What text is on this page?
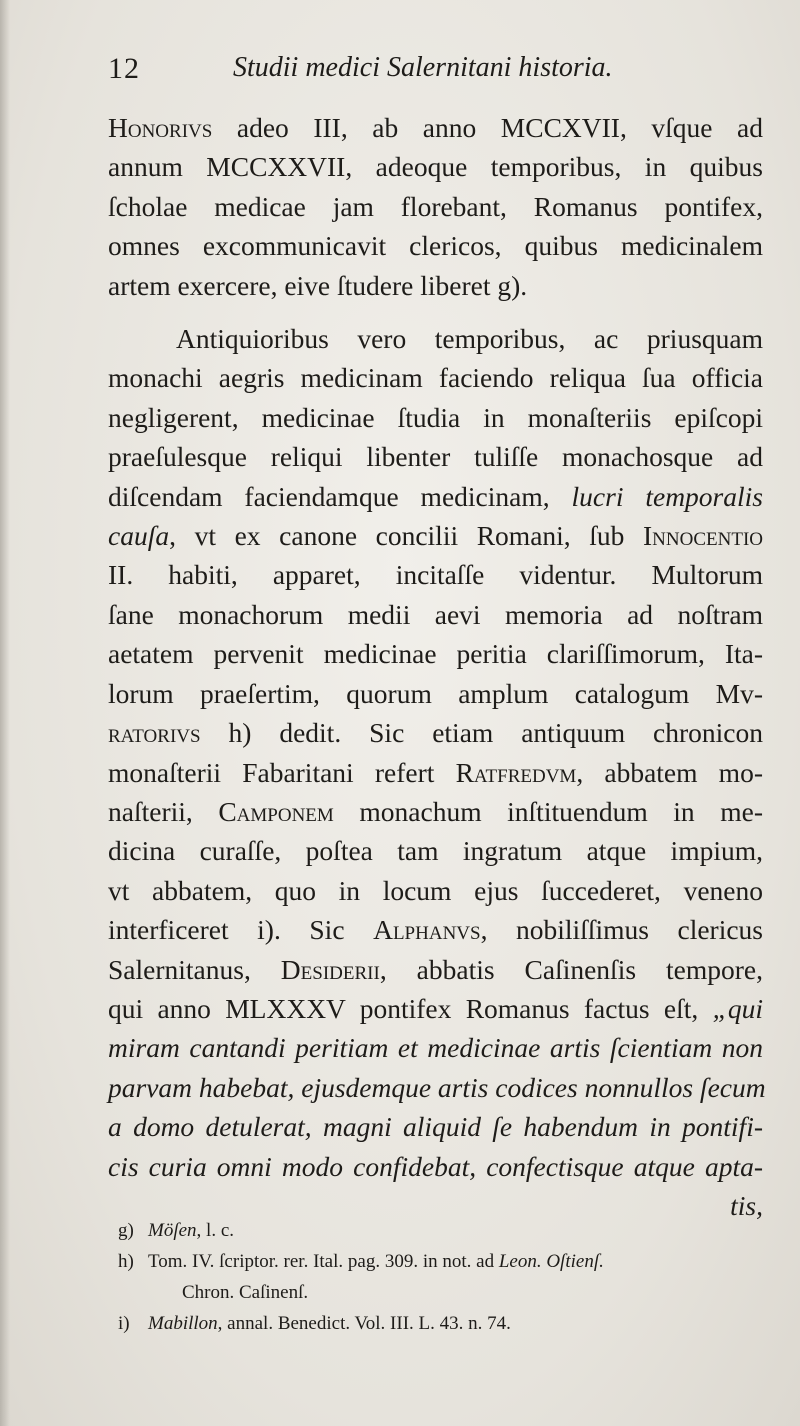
12	Studii medici Salernitani historia.
Honorivs adeo III, ab anno MCCXVII, vſque ad
annum MCCXXVII, adeoque temporibus, in quibus
ſcholae medicae jam florebant, Romanus pontifex,
omnes excommunicavit clericos, quibus medicinalem
artem exercere, eive ſtudere liberet g).
Antiquioribus vero temporibus, ac priusquam
monachi aegris medicinam faciendo reliqua ſua officia
negligerent, medicinae ſtudia in monaſteriis epiſcopi
praeſulesque reliqui libenter tuliſſe monachosque ad
diſcendam faciendamque medicinam, lucri temporalis
cauſa, vt ex canone concilii Romani, ſub Innocentio
II. habiti, apparet, incitaſſe videntur. Multorum
ſane monachorum medii aevi memoria ad noſtram
aetatem pervenit medicinae peritia clariſſimorum, Ita-
lorum praeſertim, quorum amplum catalogum Mv-
ratorivs h) dedit. Sic etiam antiquum chronicon
monaſterii Fabaritani refert Ratfredvm, abbatem mo-
naſterii, Camponem monachum inſtituendum in me-
dicina curaſſe, poſtea tam ingratum atque impium,
vt abbatem, quo in locum ejus ſuccederet, veneno
interficeret i). Sic Alphanvs, nobiliſſimus clericus
Salernitanus, Desiderii, abbatis Caſinenſis tempore,
qui anno MLXXXV pontifex Romanus factus eſt, „qui
miram cantandi peritiam et medicinae artis ſcientiam non
parvam habebat, ejusdemque artis codices nonnullos ſecum
a domo detulerat, magni aliquid ſe habendum in pontifi-
cis curia omni modo confidebat, confectisque atque apta-
tis,
g) Möſen, l. c.
h) Tom. IV. ſcriptor. rer. Ital. pag. 309. in not. ad Leon. Oſtienſ.
Chron. Caſinenſ.
i) Mabillon, annal. Benedict. Vol. III. L. 43. n. 74.
